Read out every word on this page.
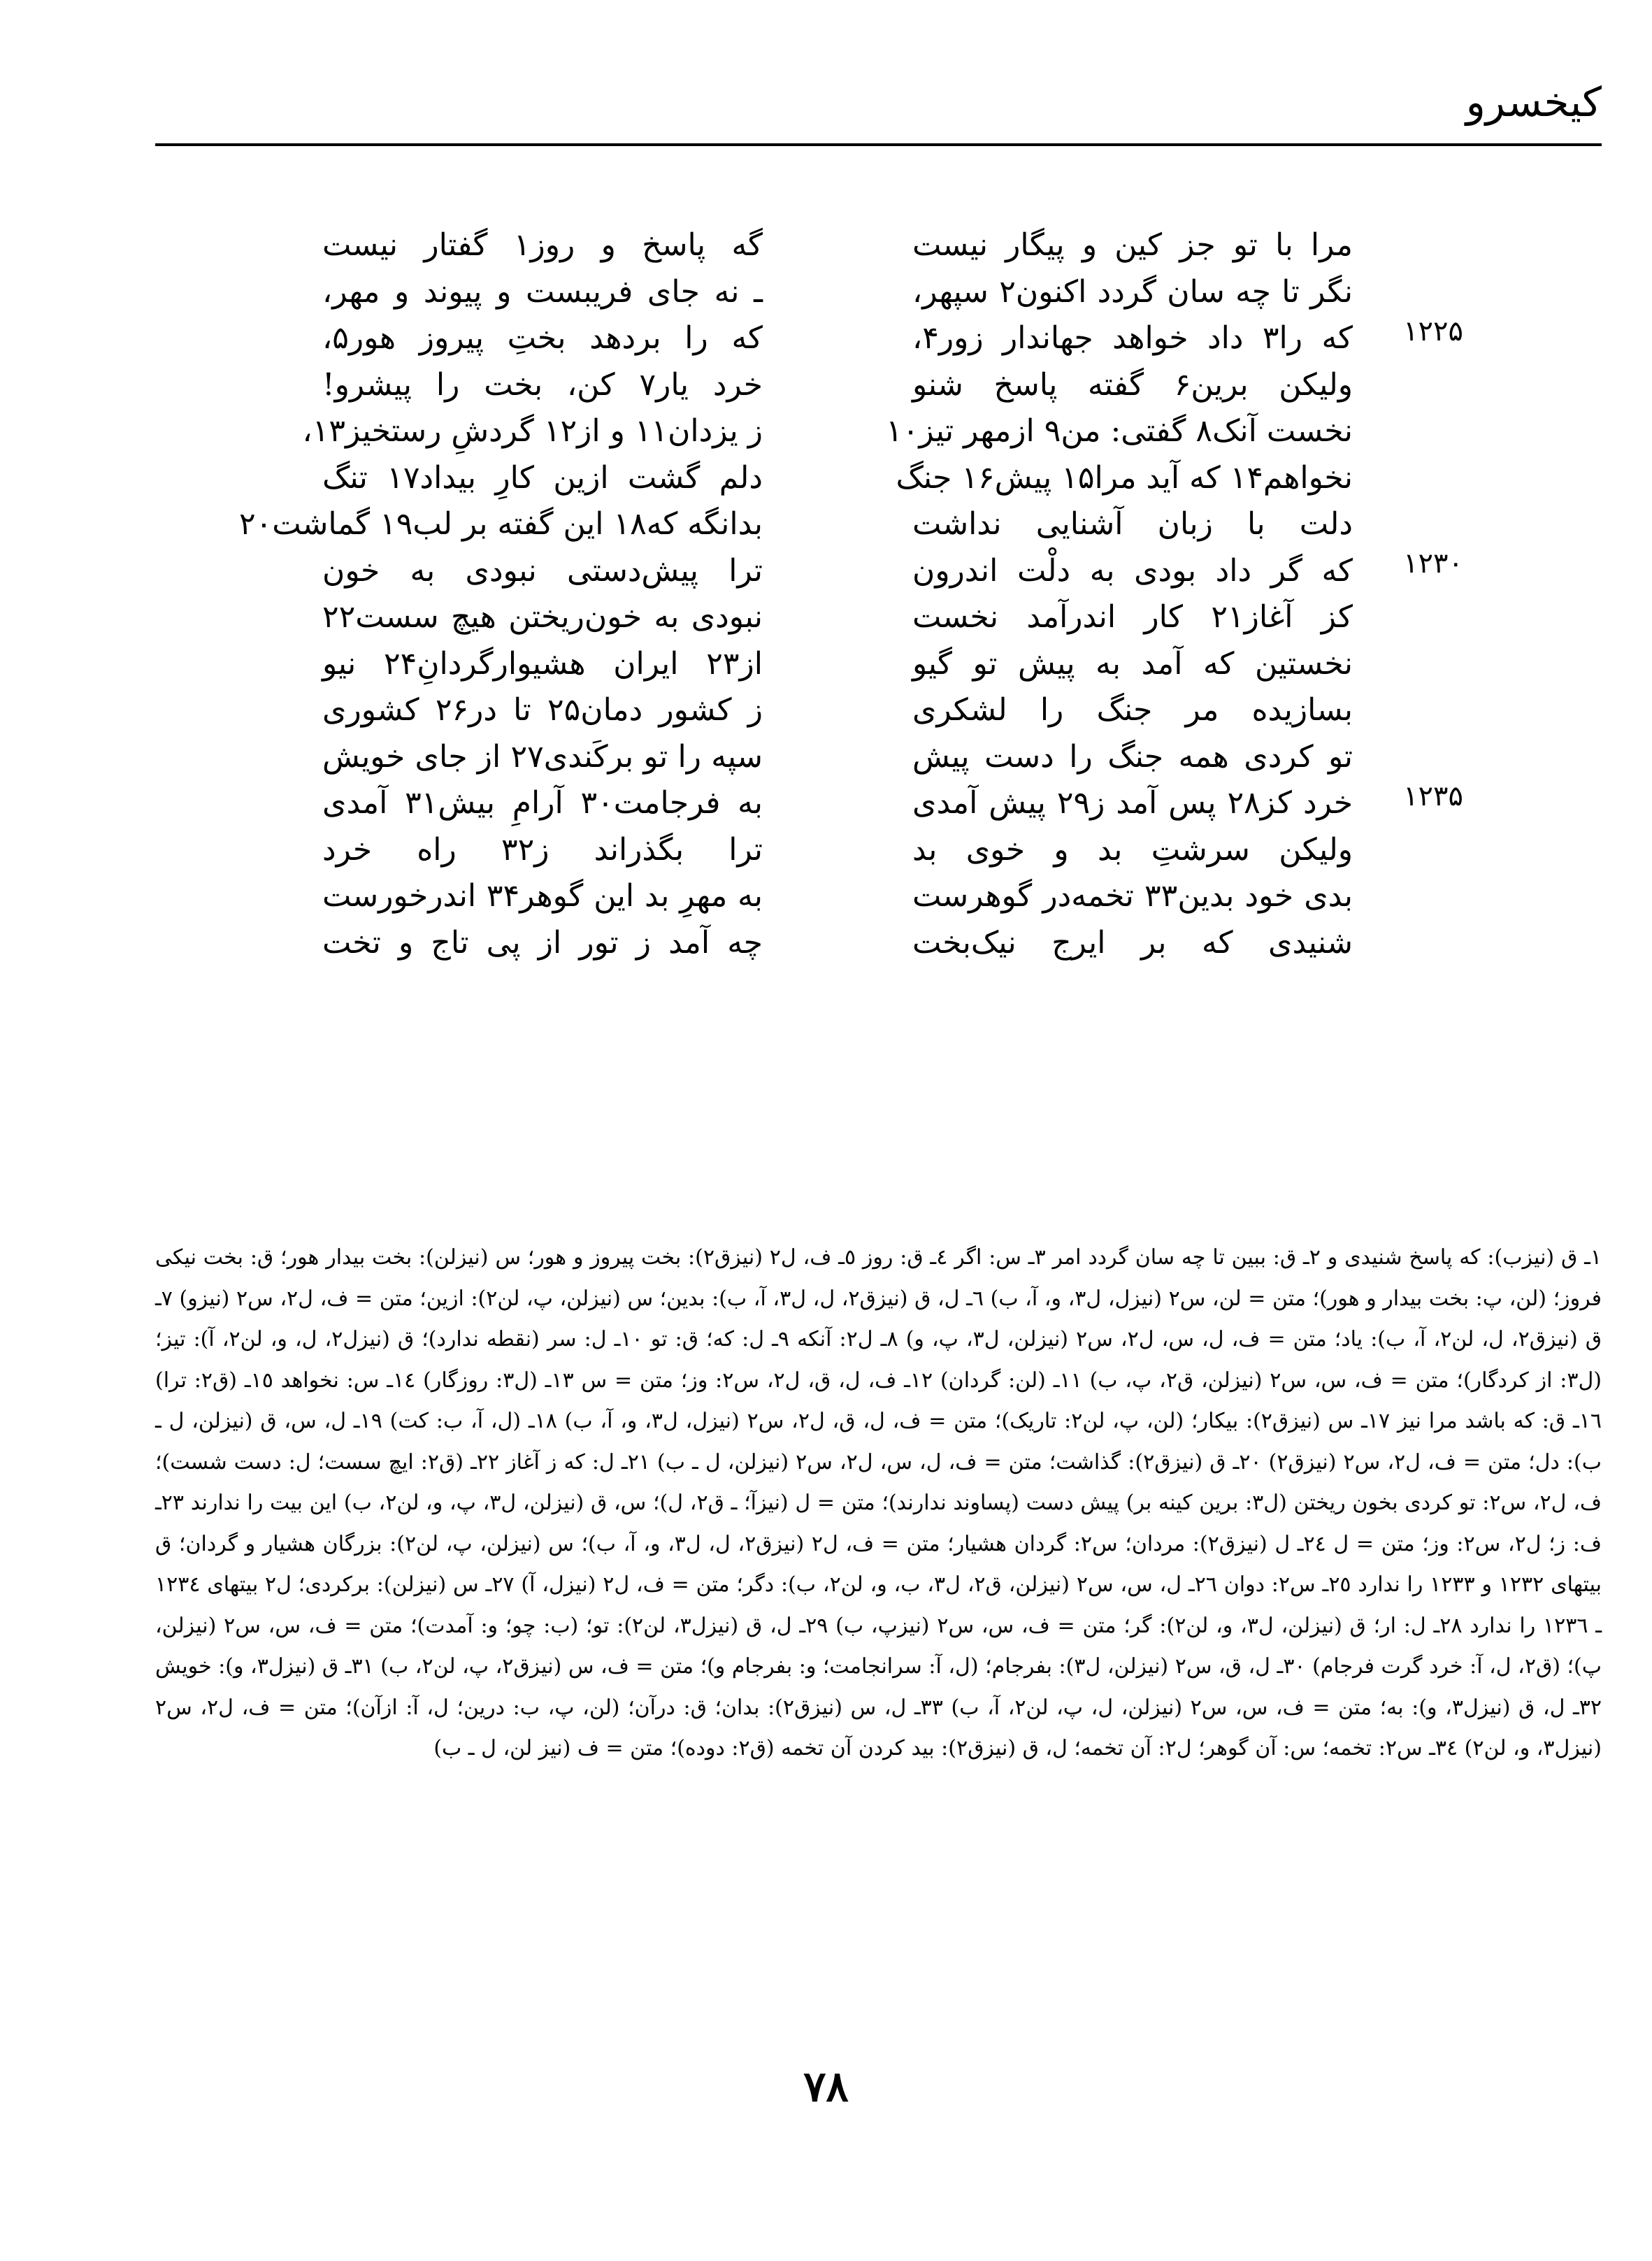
کیخسرو
مرا با تو جز کین و پیگار نیست
نگر تا چه سان گردد اکنون۲ سپهر،
که را۳ داد خواهد جهاندار زور۴،
ولیکن برین۶ گفته پاسخ شنو
نخست آنک۸ گفتی: من۹ ازمهر تیز۱۰
نخواهم۱۴ که آید مرا۱۵ پیش۱۶ جنگ
دلت با زبان آشنایی نداشت
که گر داد بودی به دلْت اندرون
کز آغاز۲۱ کار اندرآمد نخست
نخستین که آمد به پیش تو گیو
بسازیده مر جنگ را لشکری
تو کردی همه جنگ را دست پیش
خرد کز۲۸ پس آمد ز۲۹ پیش آمدی
ولیکن سرشتِ بد و خوی بد
بدی خود بدین۳۳ تخمه‌در گوهرست
شنیدی که بر ایرج نیک‌بخت
گه پاسخ و روز۱ گفتار نیست
ـ نه جای فریبست و پیوند و مهر،
که را بردهد بختِ پیروز هور۵،
خرد یار۷ کن، بخت را پیشرو!
ز یزدان۱۱ و از۱۲ گردشِ رستخیز۱۳،
دلم گشت ازین کارِ بیداد۱۷ تنگ
بدانگه که۱۸ این گفته بر لب۱۹ گماشت۲۰
ترا پیش‌دستی نبودی به خون
نبودی به خون‌ریختن هیچ سست۲۲
از۲۳ ایران هشیوارگردانِ۲۴ نیو
ز کشور دمان۲۵ تا در۲۶ کشوری
سپه را تو برکَندی۲۷ از جای خویش
به فرجامت۳۰ آرامِ بیش۳۱ آمدی
ترا بگذراند ز۳۲ راه خرد
به مهرِ بد این گوهر۳۴ اندرخورست
چه آمد ز تور از پی تاج و تخت
۱۲۲۵
۱۲۳۰
۱۲۳۵
۱ـ ق (نیزب): که پاسخ شنیدی و ۲ـ ق: ببین تا چه سان گردد امر ۳ـ س: اگر ٤ـ ق: روز ٥ـ ف، ل۲ (نیزق۲): بخت پیروز و هور؛ س (نیزلن): بخت بیدار هور؛ ق: بخت نیکی فروز؛ (لن، پ: بخت بیدار و هور)؛ متن = لن، س۲ (نیزل، ل۳، و، آ، ب) ٦ـ ل، ق (نیزق۲، ل، ل۳، آ، ب): بدین؛ س (نیزلن، پ، لن۲): ازین؛ متن = ف، ل۲، س۲ (نیزو) ۷ـ ق (نیزق۲، ل، لن۲، آ، ب): یاد؛ متن = ف، ل، س، ل۲، س۲ (نیزلن، ل۳، پ، و) ۸ـ ل۲: آنکه ۹ـ ل: که؛ ق: تو ۱۰ـ ل: سر (نقطه ندارد)؛ ق (نیزل۲، ل، و، لن۲، آ): تیز؛ (ل۳: از کردگار)؛ متن = ف، س، س۲ (نیزلن، ق۲، پ، ب) ۱۱ـ (لن: گردان) ۱۲ـ ف، ل، ق، ل۲، س۲: وز؛ متن = س ۱۳ـ (ل۳: روزگار) ١٤ـ س: نخواهد ١٥ـ (ق۲: ترا) ١٦ـ ق: که باشد مرا نیز ۱۷ـ س (نیزق۲): بیکار؛ (لن، پ، لن۲: تاریک)؛ متن = ف، ل، ق، ل۲، س۲ (نیزل، ل۳، و، آ، ب) ۱۸ـ (ل، آ، ب: کت) ۱۹ـ ل، س، ق (نیزلن، ل ـ ب): دل؛ متن = ف، ل۲، س۲ (نیزق۲) ۲۰ـ ق (نیزق۲): گذاشت؛ متن = ف، ل، س، ل۲، س۲ (نیزلن، ل ـ ب) ۲۱ـ ل: که ز آغاز ۲۲ـ (ق۲: ایچ سست؛ ل: دست شست)؛ ف، ل۲، س۲: تو کردی بخون ریختن (ل۳: برین کینه بر) پیش دست (پساوند ندارند)؛ متن = ل (نیزآ؛ ـ ق۲، ل)؛ س، ق (نیزلن، ل۳، پ، و، لن۲، ب) این بیت را ندارند ۲۳ـ ف: ز؛ ل۲، س۲: وز؛ متن = ل ٢٤ـ ل (نیزق۲): مردان؛ س۲: گردان هشیار؛ متن = ف، ل۲ (نیزق۲، ل، ل۳، و، آ، ب)؛ س (نیزلن، پ، لن۲): بزرگان هشیار و گردان؛ ق بیتهای ۱۲۳۲ و ۱۲۳۳ را ندارد ۲٥ـ س۲: دوان ۲٦ـ ل، س، س۲ (نیزلن، ق۲، ل۳، ب، و، لن۲، ب): دگر؛ متن = ف، ل۲ (نیزل، آ) ۲۷ـ س (نیزلن): برکردی؛ ل۲ بیتهای ۱۲۳٤ ـ ۱۲۳٦ را ندارد ۲۸ـ ل: ار؛ ق (نیزلن، ل۳، و، لن۲): گر؛ متن = ف، س، س۲ (نیزپ، ب) ۲۹ـ ل، ق (نیزل۳، لن۲): تو؛ (ب: چو؛ و: آمدت)؛ متن = ف، س، س۲ (نیزلن، پ)؛ (ق۲، ل، آ: خرد گرت فرجام) ۳۰ـ ل، ق، س۲ (نیزلن، ل۳): بفرجام؛ (ل، آ: سرانجامت؛ و: بفرجام و)؛ متن = ف، س (نیزق۲، پ، لن۲، ب) ۳۱ـ ق (نیزل۳، و): خویش ۳۲ـ ل، ق (نیزل۳، و): به؛ متن = ف، س، س۲ (نیزلن، ل، پ، لن۲، آ، ب) ۳۳ـ ل، س (نیزق۲): بدان؛ ق: درآن؛ (لن، پ، ب: درین؛ ل، آ: ازآن)؛ متن = ف، ل۲، س۲ (نیزل۳، و، لن۲) ۳٤ـ س۲: تخمه؛ س: آن گوهر؛ ل۲: آن تخمه؛ ل، ق (نیزق۲): بید کردن آن تخمه (ق۲: دوده)؛ متن = ف (نیز لن، ل ـ ب)
۷۸
